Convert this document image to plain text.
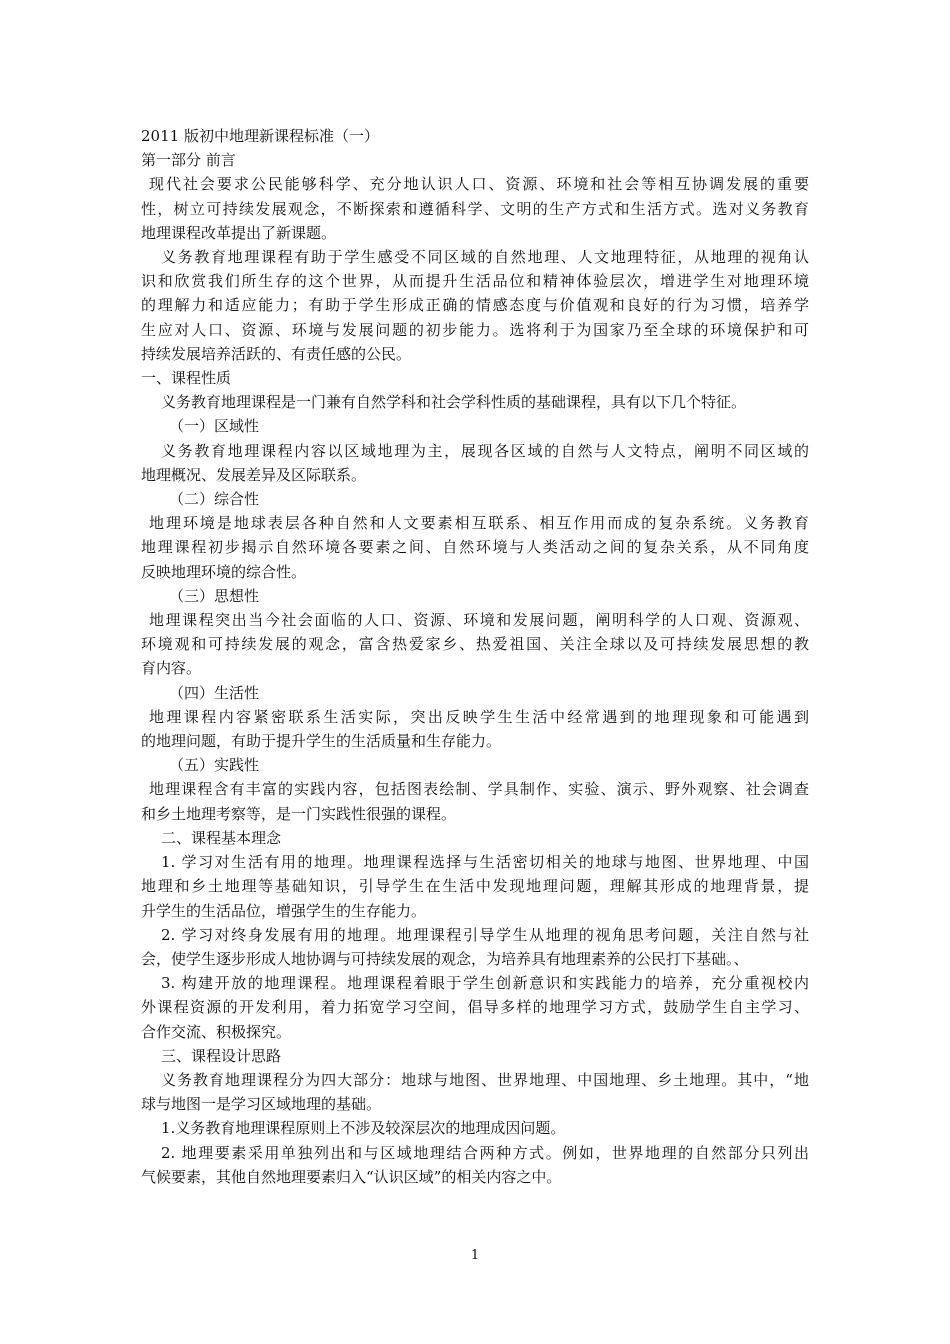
2011 版初中地理新课程标准（一）

第一部分 前言

现代社会要求公民能够科学、充分地认识人口、资源、环境和社会等相互协调发展的重要

性，树立可持续发展观念，不断探索和遵循科学、文明的生产方式和生活方式。选对义务教育

地理课程改革提出了新课题。

义务教育地理课程有助于学生感受不同区域的自然地理、人文地理特征，从地理的视角认

识和欣赏我们所生存的这个世界，从而提升生活品位和精神体验层次，增进学生对地理环境

的理解力和适应能力；有助于学生形成正确的情感态度与价值观和良好的行为习惯，培养学

生应对人口、资源、环境与发展问题的初步能力。选将利于为国家乃至全球的环境保护和可

持续发展培养活跃的、有责任感的公民。

一、课程性质

义务教育地理课程是一门兼有自然学科和社会学科性质的基础课程，具有以下几个特征。

（一）区域性

义务教育地理课程内容以区域地理为主，展现各区域的自然与人文特点，阐明不同区域的

地理概况、发展差异及区际联系。

（二）综合性

地理环境是地球表层各种自然和人文要素相互联系、相互作用而成的复杂系统。义务教育

地理课程初步揭示自然环境各要素之间、自然环境与人类活动之间的复杂关系，从不同角度

反映地理环境的综合性。

（三）思想性

地理课程突出当今社会面临的人口、资源、环境和发展问题，阐明科学的人口观、资源观、

环境观和可持续发展的观念，富含热爱家乡、热爱祖国、关注全球以及可持续发展思想的教

育内容。

（四）生活性

地理课程内容紧密联系生活实际，突出反映学生生活中经常遇到的地理现象和可能遇到

的地理问题，有助于提升学生的生活质量和生存能力。

（五）实践性

地理课程含有丰富的实践内容，包括图表绘制、学具制作、实验、演示、野外观察、社会调查

和乡土地理考察等，是一门实践性很强的课程。

二、课程基本理念

1. 学习对生活有用的地理。地理课程选择与生活密切相关的地球与地图、世界地理、中国

地理和乡土地理等基础知识，引导学生在生活中发现地理问题，理解其形成的地理背景，提

升学生的生活品位，增强学生的生存能力。

2. 学习对终身发展有用的地理。地理课程引导学生从地理的视角思考问题，关注自然与社

会，使学生逐步形成人地协调与可持续发展的观念，为培养具有地理素养的公民打下基础。、

3. 构建开放的地理课程。地理课程着眼于学生创新意识和实践能力的培养，充分重视校内

外课程资源的开发利用，着力拓宽学习空间，倡导多样的地理学习方式，鼓励学生自主学习、

合作交流、积极探究。

三、课程设计思路

义务教育地理课程分为四大部分：地球与地图、世界地理、中国地理、乡土地理。其中，“地

球与地图一是学习区域地理的基础。

1.义务教育地理课程原则上不涉及较深层次的地理成因问题。

2. 地理要素采用单独列出和与区域地理结合两种方式。例如，世界地理的自然部分只列出

气候要素，其他自然地理要素归入“认识区域”的相关内容之中。

1
